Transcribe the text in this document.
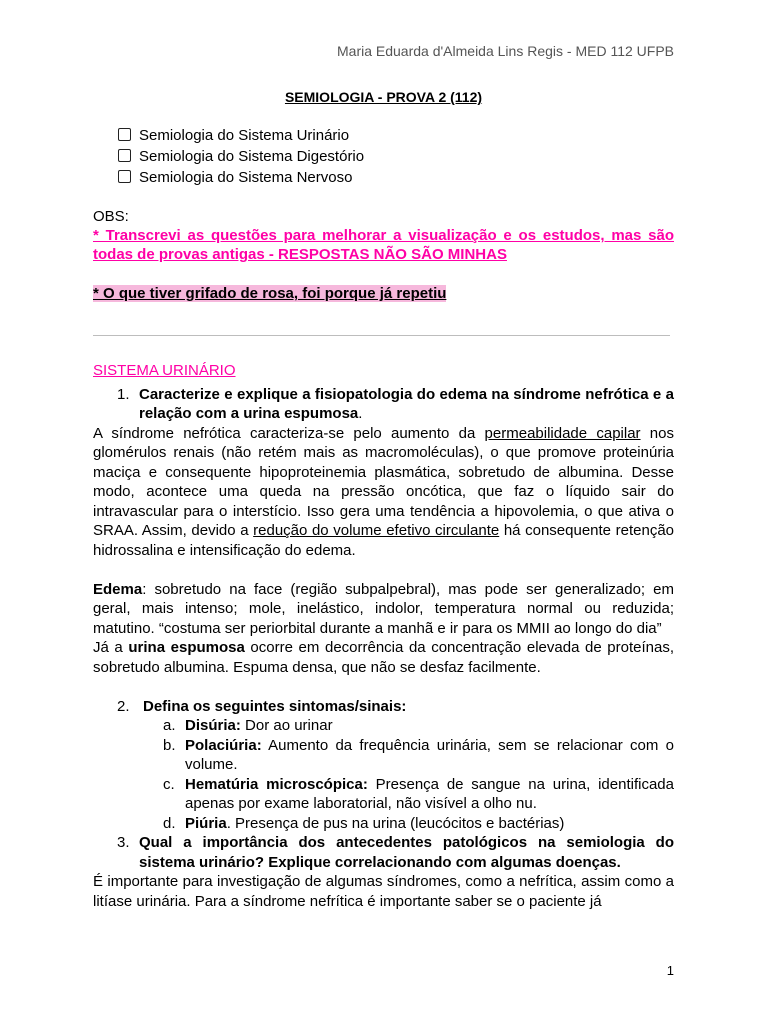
Maria Eduarda d'Almeida Lins Regis - MED 112 UFPB
SEMIOLOGIA - PROVA 2 (112)
Semiologia do Sistema Urinário
Semiologia do Sistema Digestório
Semiologia do Sistema Nervoso
OBS:
* Transcrevi as questões para melhorar a visualização e os estudos, mas são todas de provas antigas - RESPOSTAS NÃO SÃO MINHAS
* O que tiver grifado de rosa, foi porque já repetiu
SISTEMA URINÁRIO
1. Caracterize e explique a fisiopatologia do edema na síndrome nefrótica e a relação com a urina espumosa.

A síndrome nefrótica caracteriza-se pelo aumento da permeabilidade capilar nos glomérulos renais (não retém mais as macromoléculas), o que promove proteinúria maciça e consequente hipoproteinemia plasmática, sobretudo de albumina. Desse modo, acontece uma queda na pressão oncótica, que faz o líquido sair do intravascular para o interstício. Isso gera uma tendência a hipovolemia, o que ativa o SRAA. Assim, devido a redução do volume efetivo circulante há consequente retenção hidrossalina e intensificação do edema.

Edema: sobretudo na face (região subpalpebral), mas pode ser generalizado; em geral, mais intenso; mole, inelástico, indolor, temperatura normal ou reduzida; matutino. “costuma ser periorbital durante a manhã e ir para os MMII ao longo do dia”

Já a urina espumosa ocorre em decorrência da concentração elevada de proteínas, sobretudo albumina. Espuma densa, que não se desfaz facilmente.

2. Defina os seguintes sintomas/sinais:
a. Disúria: Dor ao urinar
b. Polaciúria: Aumento da frequência urinária, sem se relacionar com o volume.
c. Hematúria microscópica: Presença de sangue na urina, identificada apenas por exame laboratorial, não visível a olho nu.
d. Piúria. Presença de pus na urina (leucócitos e bactérias)
3. Qual a importância dos antecedentes patológicos na semiologia do sistema urinário? Explique correlacionando com algumas doenças.

É importante para investigação de algumas síndromes, como a nefrítica, assim como a litíase urinária. Para a síndrome nefrítica é importante saber se o paciente já

1
